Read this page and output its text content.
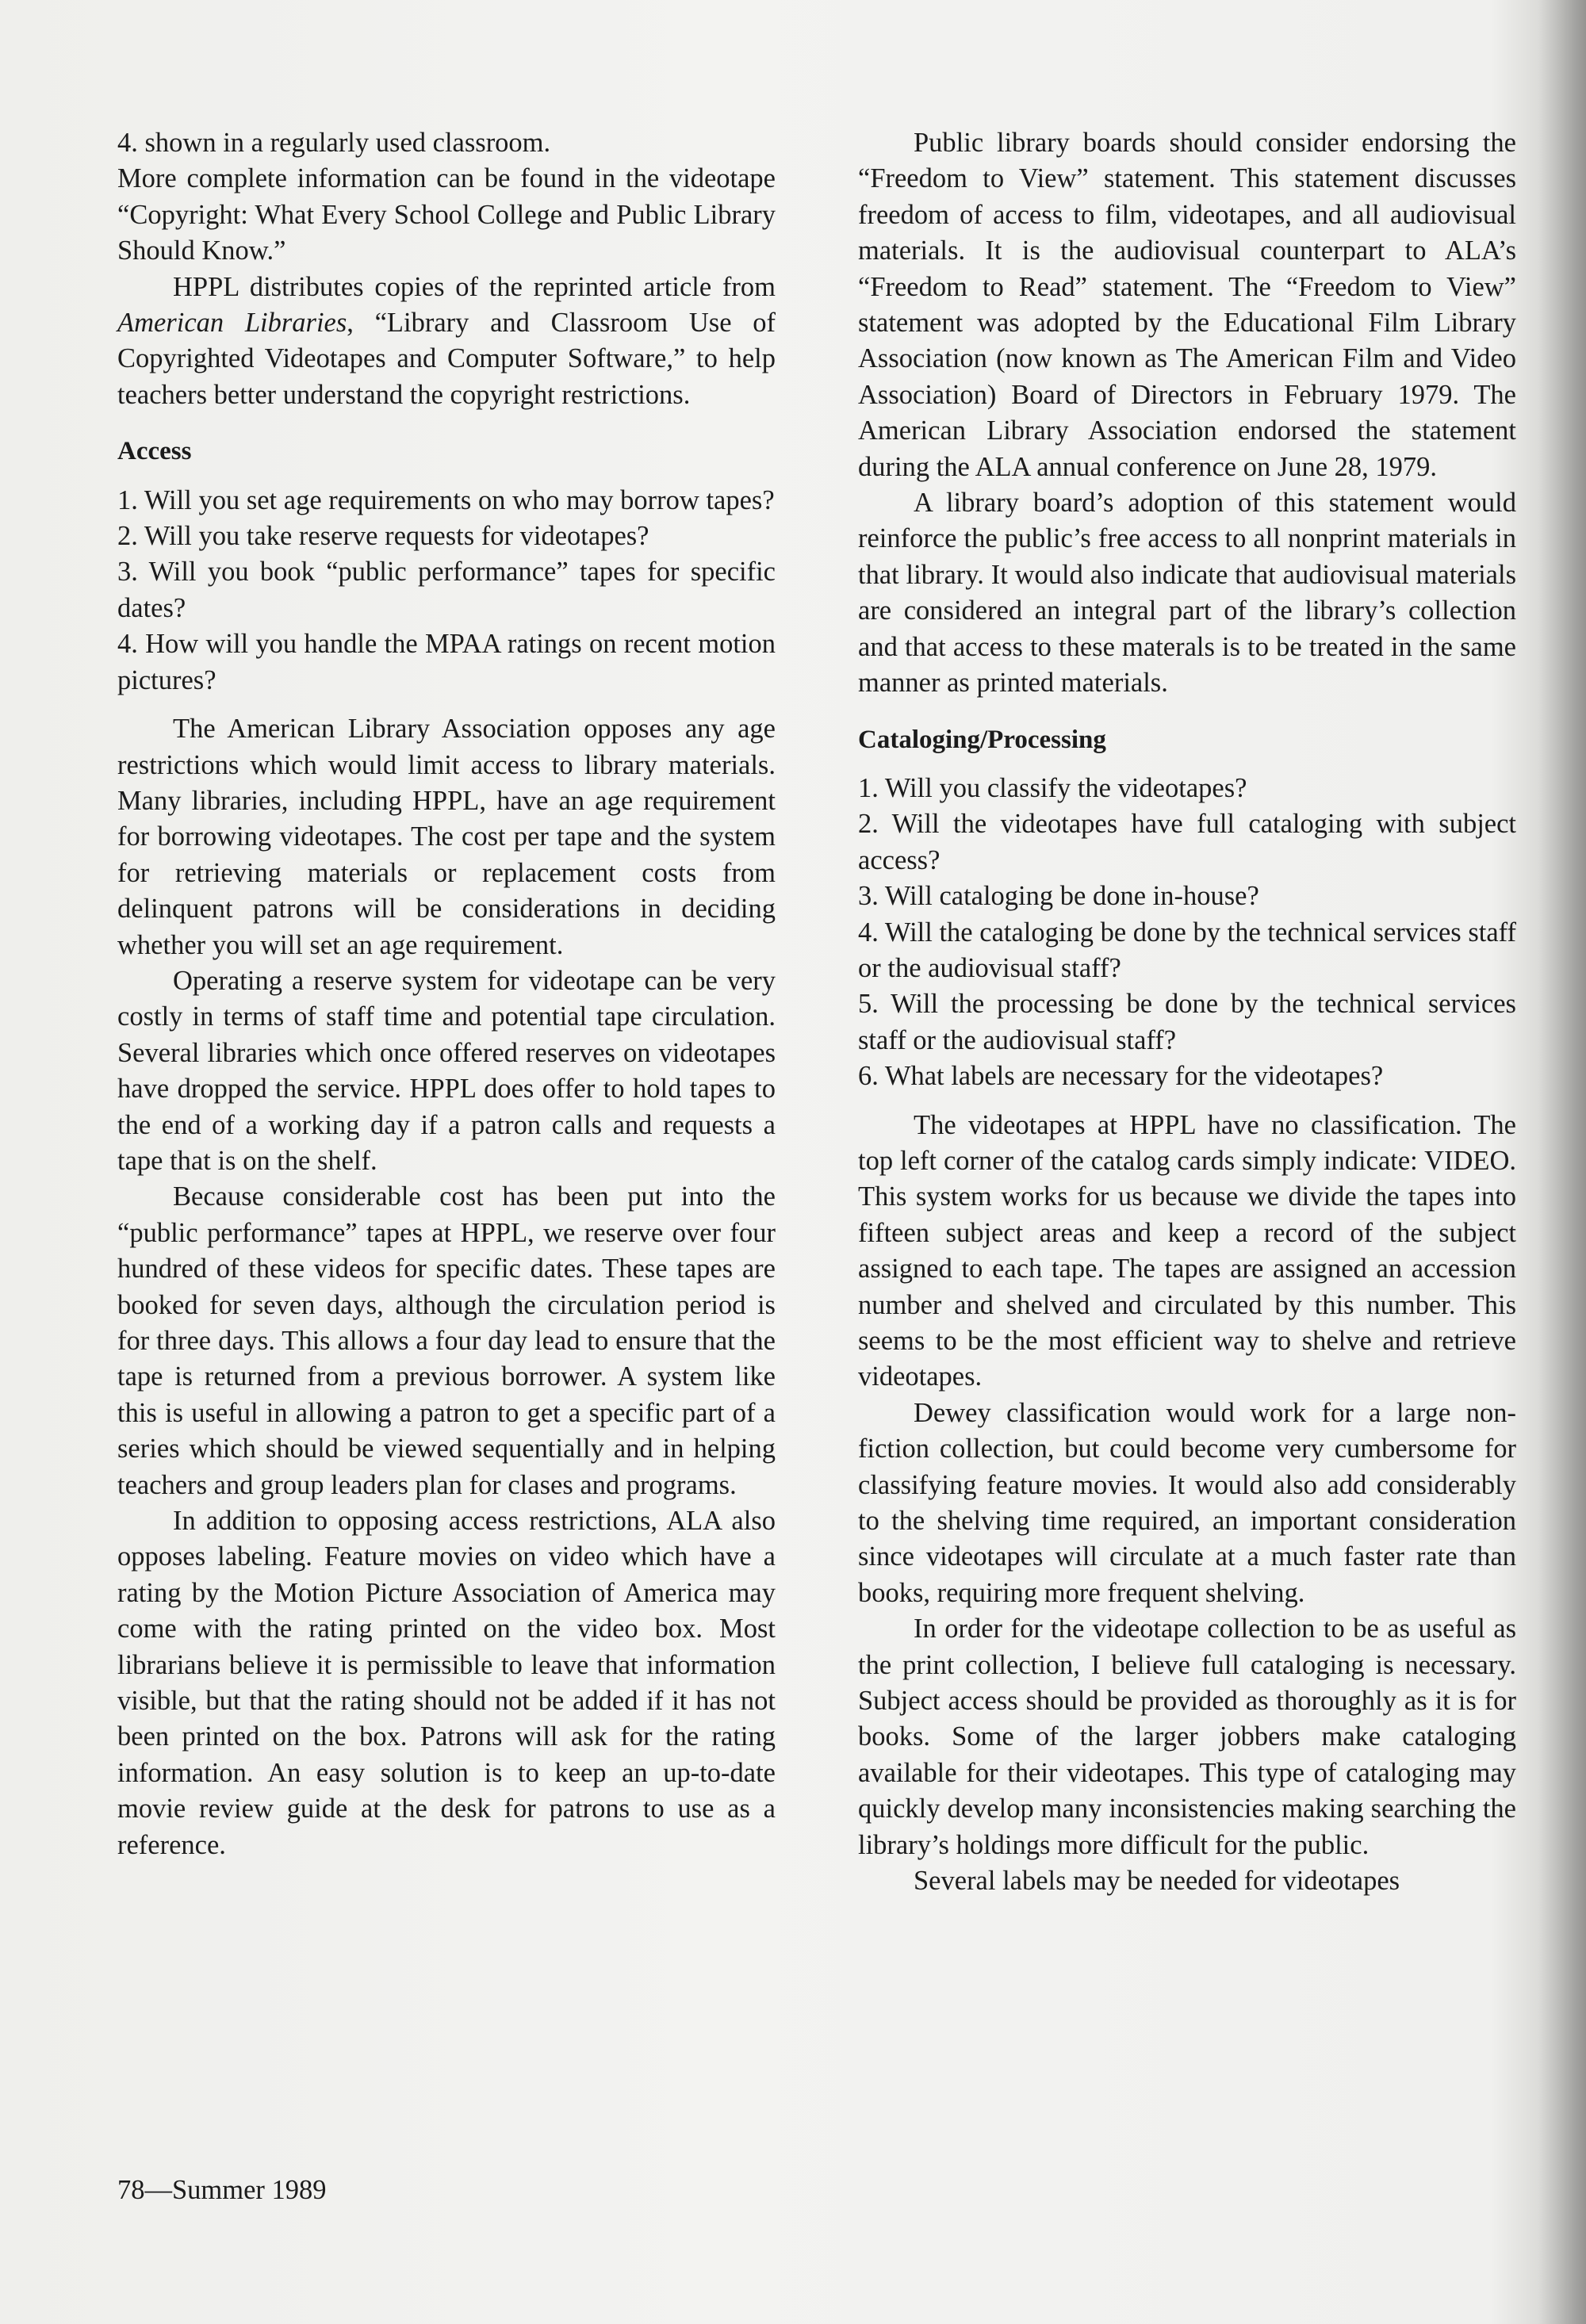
4. shown in a regularly used classroom.

More complete information can be found in the videotape “Copyright: What Every School College and Public Library Should Know.”

HPPL distributes copies of the reprinted article from American Libraries, “Library and Classroom Use of Copyrighted Videotapes and Computer Software,” to help teachers better understand the copyright restrictions.

Access

1. Will you set age requirements on who may borrow tapes?

2. Will you take reserve requests for videotapes?

3. Will you book “public performance” tapes for specific dates?

4. How will you handle the MPAA ratings on recent motion pictures?

The American Library Association opposes any age restrictions which would limit access to library materials. Many libraries, including HPPL, have an age requirement for borrowing videotapes. The cost per tape and the system for retrieving materials or replacement costs from delinquent patrons will be considerations in deciding whether you will set an age requirement.

Operating a reserve system for videotape can be very costly in terms of staff time and potential tape circulation. Several libraries which once offered reserves on videotapes have dropped the service. HPPL does offer to hold tapes to the end of a working day if a patron calls and requests a tape that is on the shelf.

Because considerable cost has been put into the “public performance” tapes at HPPL, we reserve over four hundred of these videos for specific dates. These tapes are booked for seven days, although the circulation period is for three days. This allows a four day lead to ensure that the tape is returned from a previous borrower. A system like this is useful in allowing a patron to get a specific part of a series which should be viewed sequentially and in helping teachers and group leaders plan for clases and programs.

In addition to opposing access restrictions, ALA also opposes labeling. Feature movies on video which have a rating by the Motion Picture Association of America may come with the rating printed on the video box. Most librarians believe it is permissible to leave that information visible, but that the rating should not be added if it has not been printed on the box. Patrons will ask for the rating information. An easy solution is to keep an up-to-date movie review guide at the desk for patrons to use as a reference.

Public library boards should consider endorsing the “Freedom to View” statement. This statement discusses freedom of access to film, videotapes, and all audiovisual materials. It is the audiovisual counterpart to ALA’s “Freedom to Read” statement. The “Freedom to View” statement was adopted by the Educational Film Library Association (now known as The American Film and Video Association) Board of Directors in February 1979. The American Library Association endorsed the statement during the ALA annual conference on June 28, 1979.

A library board’s adoption of this statement would reinforce the public’s free access to all nonprint materials in that library. It would also indicate that audiovisual materials are considered an integral part of the library’s collection and that access to these materals is to be treated in the same manner as printed materials.

Cataloging/Processing

1. Will you classify the videotapes?

2. Will the videotapes have full cataloging with subject access?

3. Will cataloging be done in-house?

4. Will the cataloging be done by the technical services staff or the audiovisual staff?

5. Will the processing be done by the technical services staff or the audiovisual staff?

6. What labels are necessary for the videotapes?

The videotapes at HPPL have no classification. The top left corner of the catalog cards simply indicate: VIDEO. This system works for us because we divide the tapes into fifteen subject areas and keep a record of the subject assigned to each tape. The tapes are assigned an accession number and shelved and circulated by this number. This seems to be the most efficient way to shelve and retrieve videotapes.

Dewey classification would work for a large non-fiction collection, but could become very cumbersome for classifying feature movies. It would also add considerably to the shelving time required, an important consideration since videotapes will circulate at a much faster rate than books, requiring more frequent shelving.

In order for the videotape collection to be as useful as the print collection, I believe full cataloging is necessary. Subject access should be provided as thoroughly as it is for books. Some of the larger jobbers make cataloging available for their videotapes. This type of cataloging may quickly develop many inconsistencies making searching the library’s holdings more difficult for the public.

Several labels may be needed for videotapes

78—Summer 1989
